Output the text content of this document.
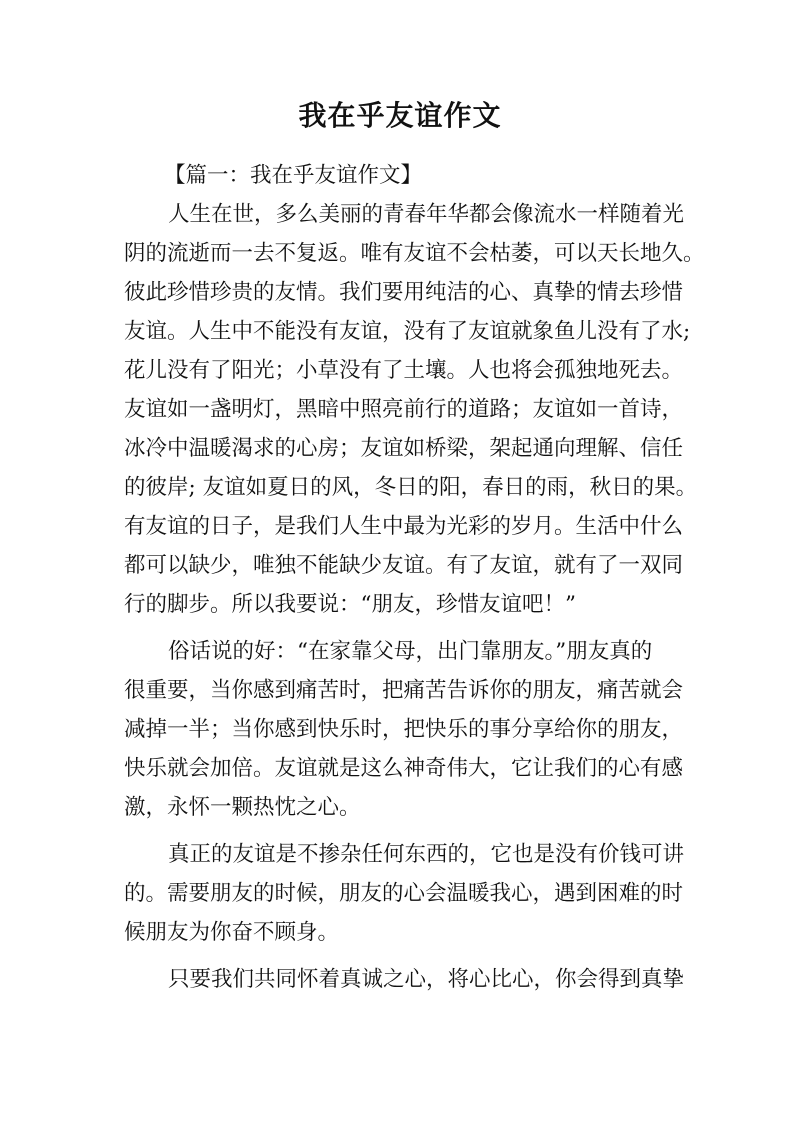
我在乎友谊作文
【篇一：我在乎友谊作文】
人生在世，多么美丽的青春年华都会像流水一样随着光
阴的流逝而一去不复返。唯有友谊不会枯萎，可以天长地久。
彼此珍惜珍贵的友情。我们要用纯洁的心、真挚的情去珍惜
友谊。人生中不能没有友谊，没有了友谊就象鱼儿没有了水;
花儿没有了阳光；小草没有了土壤。人也将会孤独地死去。
友谊如一盏明灯，黑暗中照亮前行的道路；友谊如一首诗，
冰冷中温暖渴求的心房；友谊如桥梁，架起通向理解、信任
的彼岸; 友谊如夏日的风，冬日的阳，春日的雨，秋日的果。
有友谊的日子，是我们人生中最为光彩的岁月。生活中什么
都可以缺少，唯独不能缺少友谊。有了友谊，就有了一双同
行的脚步。所以我要说：“朋友，珍惜友谊吧！”
俗话说的好：“在家靠父母，出门靠朋友。”朋友真的
很重要，当你感到痛苦时，把痛苦告诉你的朋友，痛苦就会
减掉一半；当你感到快乐时，把快乐的事分享给你的朋友，
快乐就会加倍。友谊就是这么神奇伟大，它让我们的心有感
激，永怀一颗热忱之心。
真正的友谊是不掺杂任何东西的，它也是没有价钱可讲
的。需要朋友的时候，朋友的心会温暖我心，遇到困难的时
候朋友为你奋不顾身。
只要我们共同怀着真诚之心，将心比心，你会得到真挚
